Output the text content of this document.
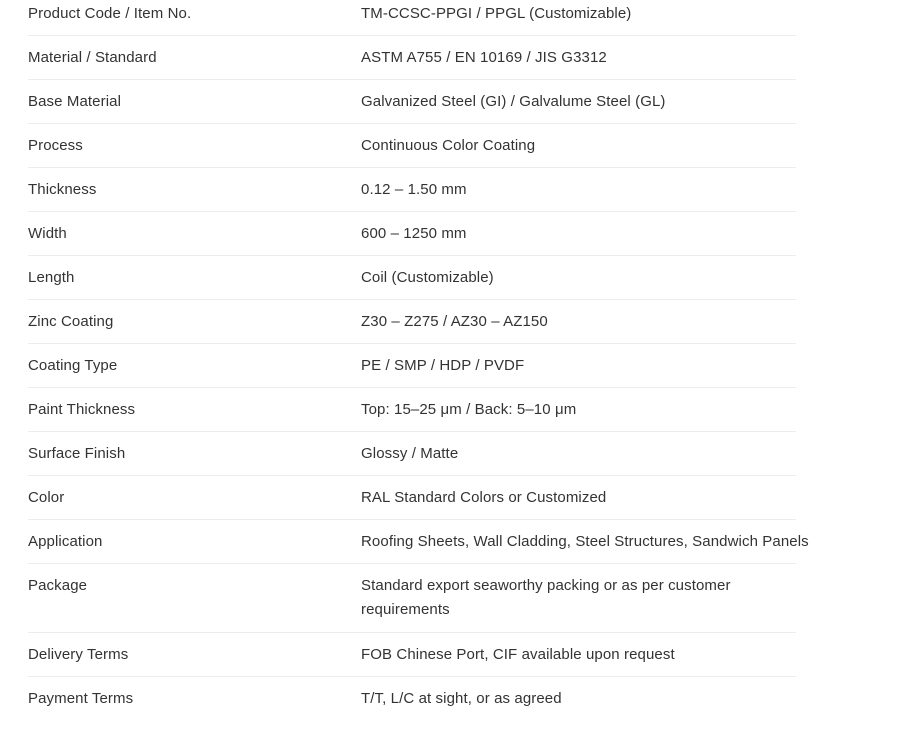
Product Code / Item No.	TM-CCSC-PPGI / PPGL (Customizable)
Material / Standard	ASTM A755 / EN 10169 / JIS G3312
Base Material	Galvanized Steel (GI) / Galvalume Steel (GL)
Process	Continuous Color Coating
Thickness	0.12 – 1.50 mm
Width	600 – 1250 mm
Length	Coil (Customizable)
Zinc Coating	Z30 – Z275 / AZ30 – AZ150
Coating Type	PE / SMP / HDP / PVDF
Paint Thickness	Top: 15–25 μm / Back: 5–10 μm
Surface Finish	Glossy / Matte
Color	RAL Standard Colors or Customized
Application	Roofing Sheets, Wall Cladding, Steel Structures, Sandwich Panels
Package	Standard export seaworthy packing or as per customer requirements
Delivery Terms	FOB Chinese Port, CIF available upon request
Payment Terms	T/T, L/C at sight, or as agreed
